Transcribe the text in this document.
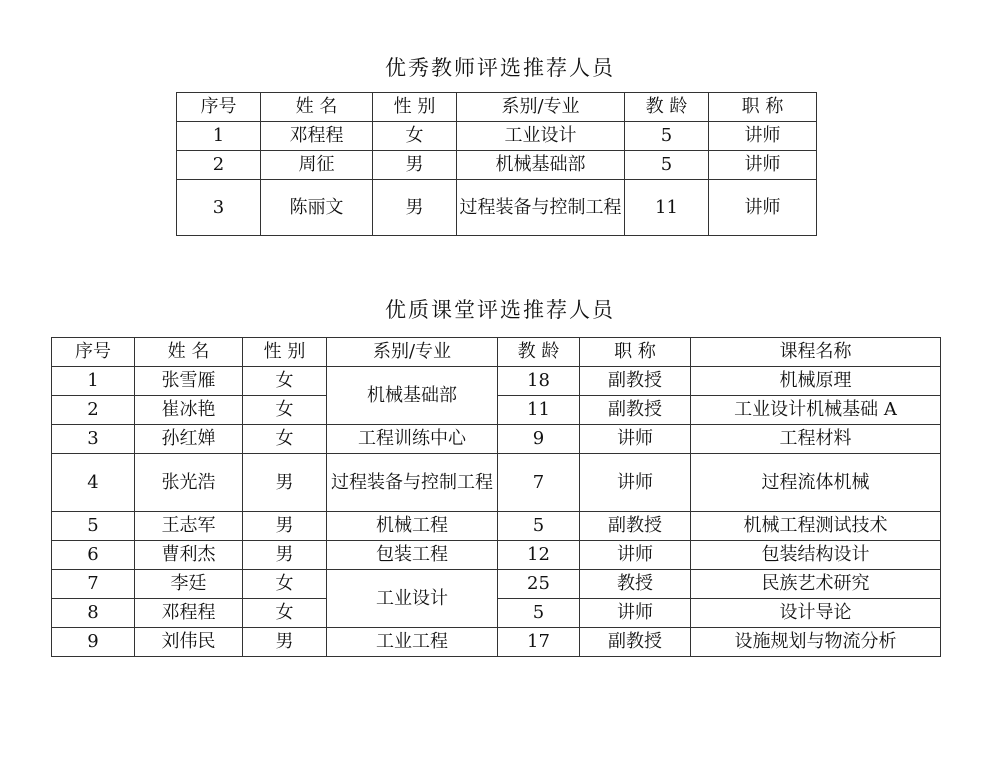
优秀教师评选推荐人员
序号	姓 名	性 别	系别/专业	教 龄	职 称
1	邓程程	女	工业设计	5	讲师
2	周征	男	机械基础部	5	讲师
3	陈丽文	男	过程装备与控制工程	11	讲师
优质课堂评选推荐人员
序号	姓 名	性 别	系别/专业	教 龄	职 称	课程名称
1	张雪雁	女	机械基础部	18	副教授	机械原理
2	崔冰艳	女		11	副教授	工业设计机械基础 A
3	孙红婵	女	工程训练中心	9	讲师	工程材料
4	张光浩	男	过程装备与控制工程	7	讲师	过程流体机械
5	王志军	男	机械工程	5	副教授	机械工程测试技术
6	曹利杰	男	包装工程	12	讲师	包装结构设计
7	李廷	女	工业设计	25	教授	民族艺术研究
8	邓程程	女		5	讲师	设计导论
9	刘伟民	男	工业工程	17	副教授	设施规划与物流分析
